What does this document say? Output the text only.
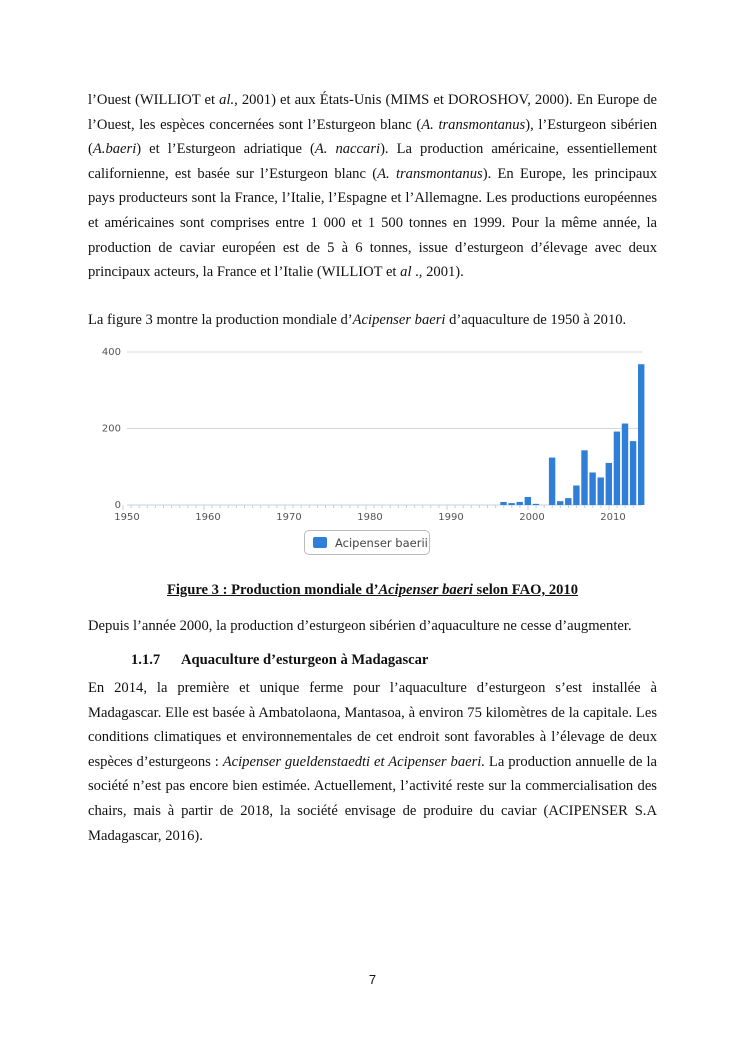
l’Ouest (WILLIOT et al., 2001) et aux États-Unis (MIMS et DOROSHOV, 2000). En Europe de l’Ouest, les espèces concernées sont l’Esturgeon blanc (A. transmontanus), l’Esturgeon sibérien (A.baeri) et l’Esturgeon adriatique (A. naccari). La production américaine, essentiellement californienne, est basée sur l’Esturgeon blanc (A. transmontanus). En Europe, les principaux pays producteurs sont la France, l’Italie, l’Espagne et l’Allemagne. Les productions européennes et américaines sont comprises entre 1 000 et 1 500 tonnes en 1999. Pour la même année, la production de caviar européen est de 5 à 6 tonnes, issue d’esturgeon d’élevage avec deux principaux acteurs, la France et l’Italie (WILLIOT et al ., 2001).
La figure 3 montre la production mondiale d’Acipenser baeri d’aquaculture de 1950 à 2010.
0
200
400
1950	1960	1970	1980	1990	2000	2010
Acipenser baerii
Figure 3 : Production mondiale d’Acipenser baeri selon FAO, 2010
Depuis l’année 2000, la production d’esturgeon sibérien d’aquaculture ne cesse d’augmenter.
1.1.7 Aquaculture d’esturgeon à Madagascar
En 2014, la première et unique ferme pour l’aquaculture d’esturgeon s’est installée à Madagascar. Elle est basée à Ambatolaona, Mantasoa, à environ 75 kilomètres de la capitale. Les conditions climatiques et environnementales de cet endroit sont favorables à l’élevage de deux espèces d’esturgeons : Acipenser gueldenstaedti et Acipenser baeri. La production annuelle de la société n’est pas encore bien estimée. Actuellement, l’activité reste sur la commercialisation des chairs, mais à partir de 2018, la société envisage de produire du caviar (ACIPENSER S.A Madagascar, 2016).
7
